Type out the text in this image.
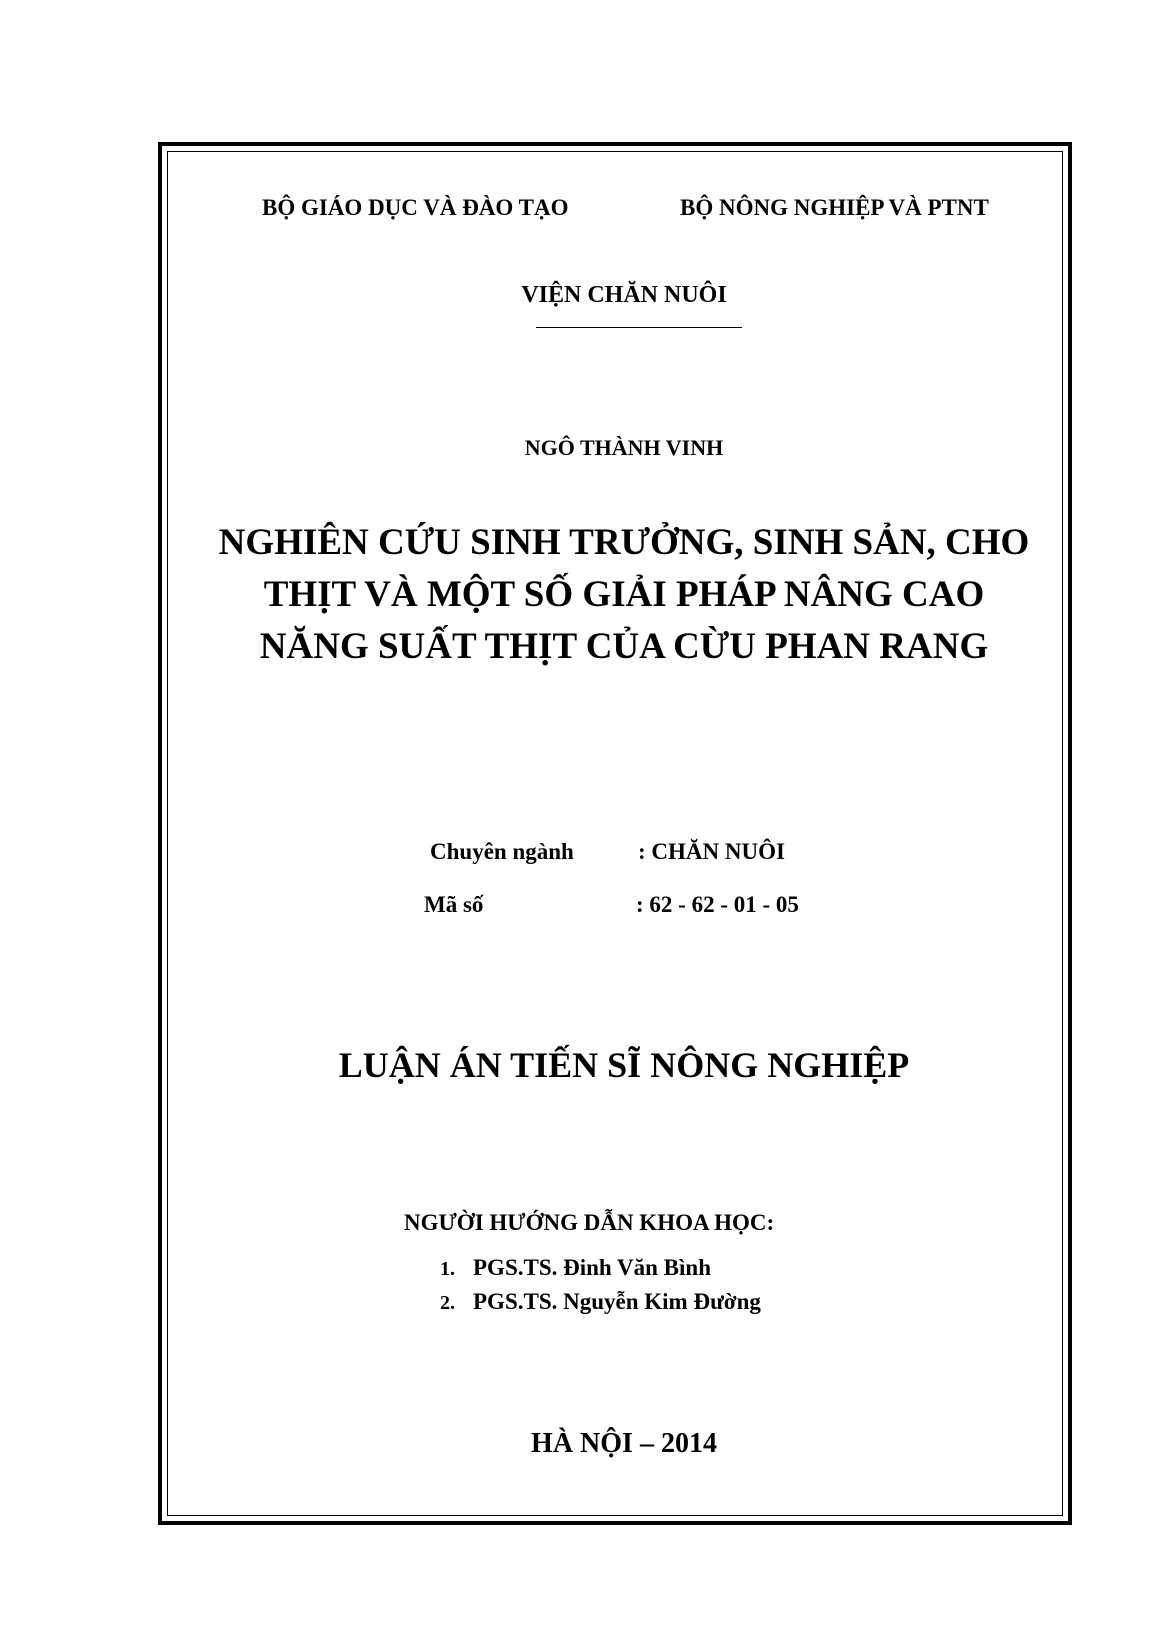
BỘ GIÁO DỤC VÀ ĐÀO TẠO	BỘ NÔNG NGHIỆP VÀ PTNT
VIỆN CHĂN NUÔI
NGÔ THÀNH VINH
NGHIÊN CỨU SINH TRƯỞNG, SINH SẢN, CHO
THỊT VÀ MỘT SỐ GIẢI PHÁP NÂNG CAO
NĂNG SUẤT THỊT CỦA CỪU PHAN RANG
Chuyên ngành	: CHĂN NUÔI
Mã số	: 62 - 62 - 01 - 05
LUẬN ÁN TIẾN SĨ NÔNG NGHIỆP
NGƯỜI HƯỚNG DẪN KHOA HỌC:
1. PGS.TS. Đinh Văn Bình
2. PGS.TS. Nguyễn Kim Đường
HÀ NỘI – 2014
